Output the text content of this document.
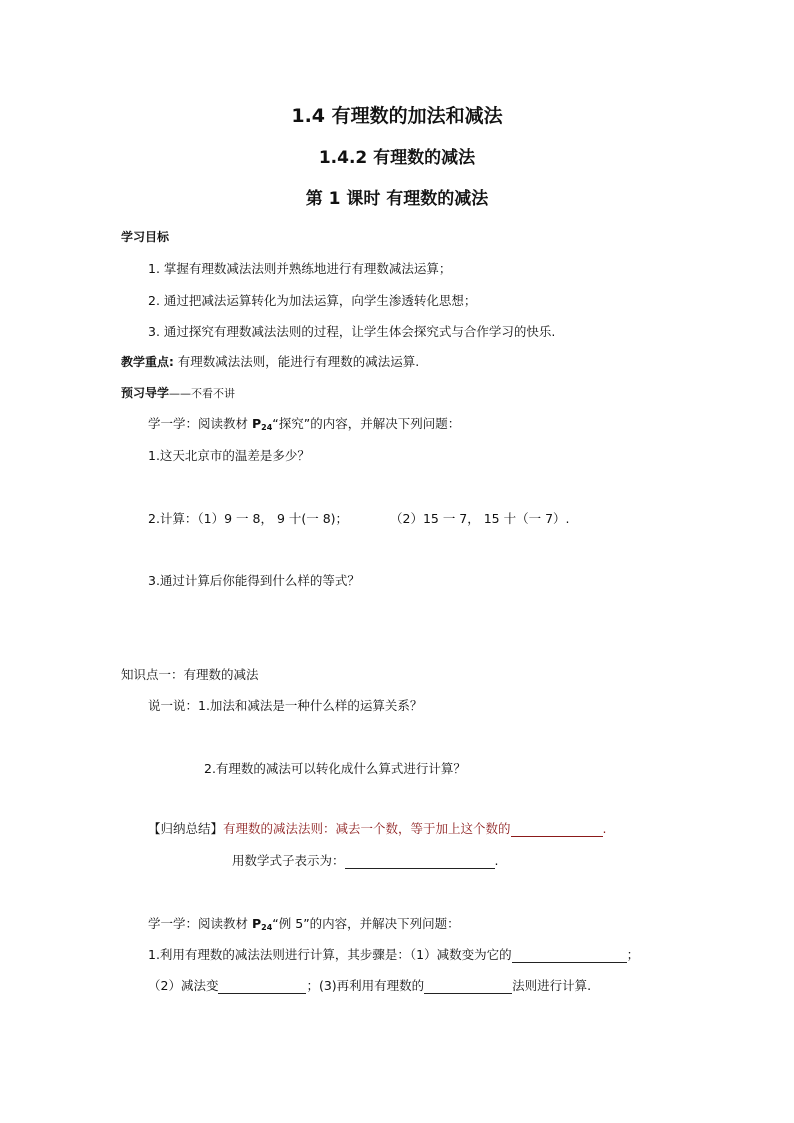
1.4 有理数的加法和减法
1.4.2 有理数的减法
第 1 课时 有理数的减法
学习目标
1. 掌握有理数减法法则并熟练地进行有理数减法运算；
2. 通过把减法运算转化为加法运算，向学生渗透转化思想；
3. 通过探究有理数减法法则的过程，让学生体会探究式与合作学习的快乐.
教学重点: 有理数减法法则，能进行有理数的减法运算.
预习导学——不看不讲
学一学：阅读教材 $P_{24}“$探究”的内容，并解决下列问题：
1.这天北京市的温差是多少？
2.计算：（1）9 一 8， 9 十(一 8)；	（2）15 一 7， 15 十（一 7）.
3.通过计算后你能得到什么样的等式？
知识点一：有理数的减法
说一说：1.加法和减法是一种什么样的运算关系？
2.有理数的减法可以转化成什么算式进行计算？
【归纳总结】有理数的减法法则：减去一个数，等于加上这个数的	.
用数学式子表示为：	.
学一学：阅读教材 $P_{24}“$例 5”的内容，并解决下列问题：
1.利用有理数的减法法则进行计算，其步骤是：（1）减数变为它的	；
（2）减法变	；(3)再利用有理数的	法则进行计算.
